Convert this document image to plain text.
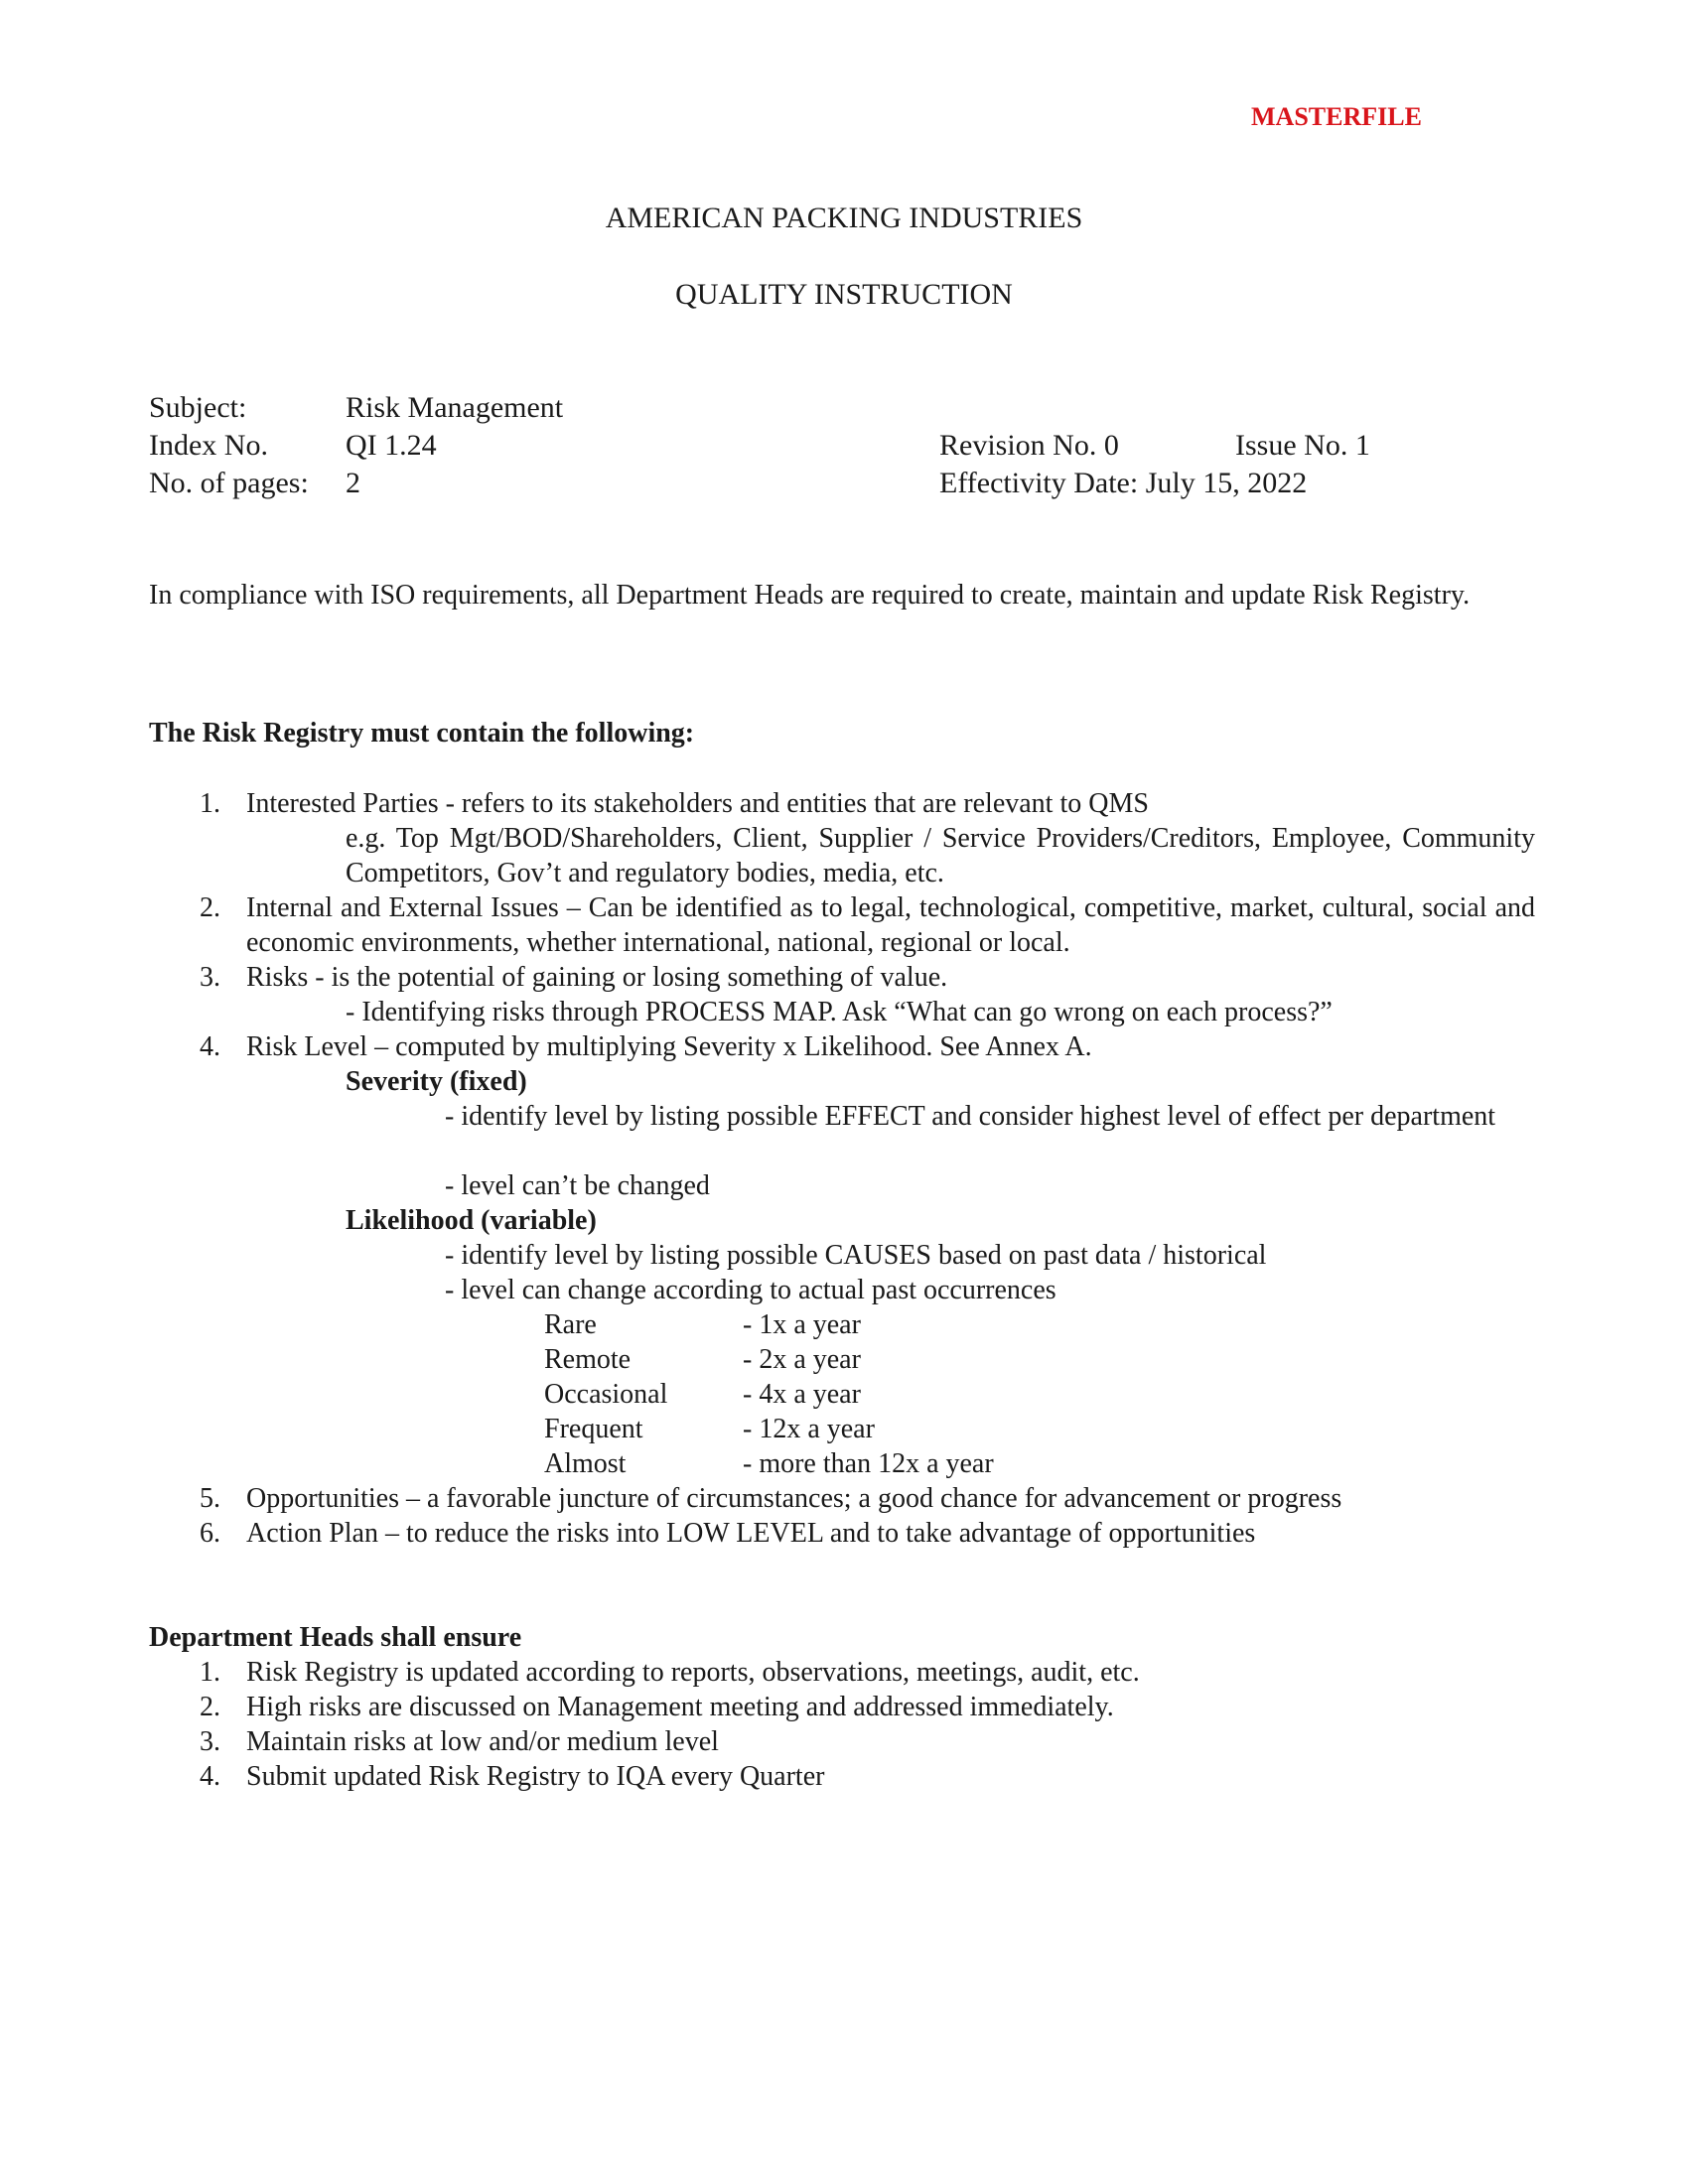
MASTERFILE
AMERICAN PACKING INDUSTRIES
QUALITY INSTRUCTION
Subject:	Risk Management
Index No.	QI 1.24
No. of pages: 2
Revision No. 0	Issue No. 1
Effectivity Date: July 15, 2022
In compliance with ISO requirements, all Department Heads are required to create, maintain and update Risk Registry.
The Risk Registry must contain the following:
1. Interested Parties - refers to its stakeholders and entities that are relevant to QMS
e.g. Top Mgt/BOD/Shareholders, Client, Supplier / Service Providers/Creditors, Employee, Community Competitors, Gov’t and regulatory bodies, media, etc.
2. Internal and External Issues – Can be identified as to legal, technological, competitive, market, cultural, social and economic environments, whether international, national, regional or local.
3. Risks - is the potential of gaining or losing something of value.
- Identifying risks through PROCESS MAP. Ask “What can go wrong on each process?”
4. Risk Level – computed by multiplying Severity x Likelihood. See Annex A.
Severity (fixed)
- identify level by listing possible EFFECT and consider highest level of effect per department
- level can’t be changed
Likelihood (variable)
- identify level by listing possible CAUSES based on past data / historical
- level can change according to actual past occurrences
Rare	- 1x a year
Remote	- 2x a year
Occasional	- 4x a year
Frequent	- 12x a year
Almost	- more than 12x a year
5. Opportunities – a favorable juncture of circumstances; a good chance for advancement or progress
6. Action Plan – to reduce the risks into LOW LEVEL and to take advantage of opportunities
Department Heads shall ensure
1. Risk Registry is updated according to reports, observations, meetings, audit, etc.
2. High risks are discussed on Management meeting and addressed immediately.
3. Maintain risks at low and/or medium level
4. Submit updated Risk Registry to IQA every Quarter
